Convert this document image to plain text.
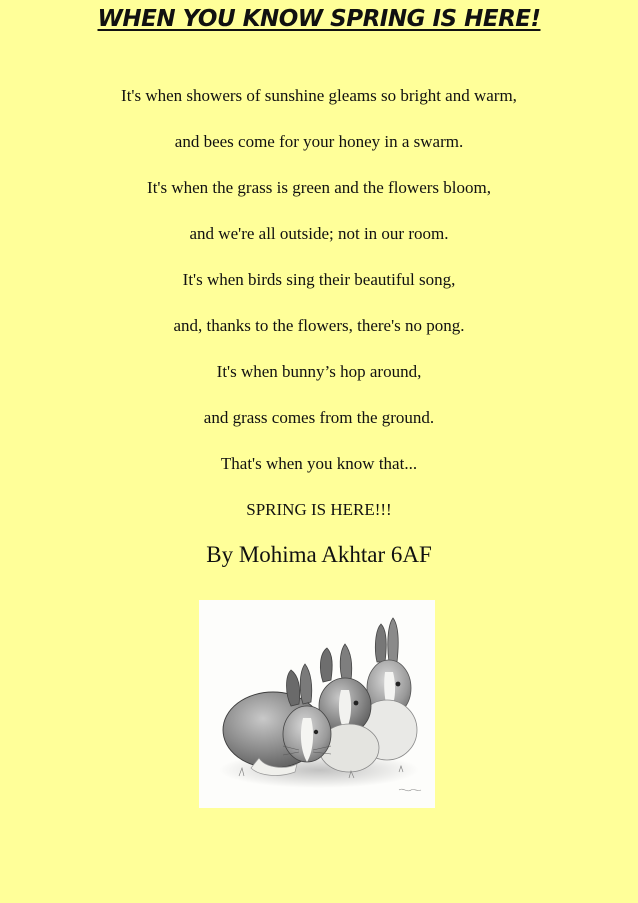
WHEN YOU KNOW SPRING IS HERE!
It's when showers of sunshine gleams so bright and warm,
and bees come for your honey in a swarm.
It's when the grass is green and the flowers bloom,
and we're all outside; not in our room.
It's when birds sing their beautiful song,
and, thanks to the flowers, there's no pong.
It's when bunny’s hop around,
and grass comes from the ground.
That's when you know that...
SPRING IS HERE!!!
By Mohima Akhtar 6AF
